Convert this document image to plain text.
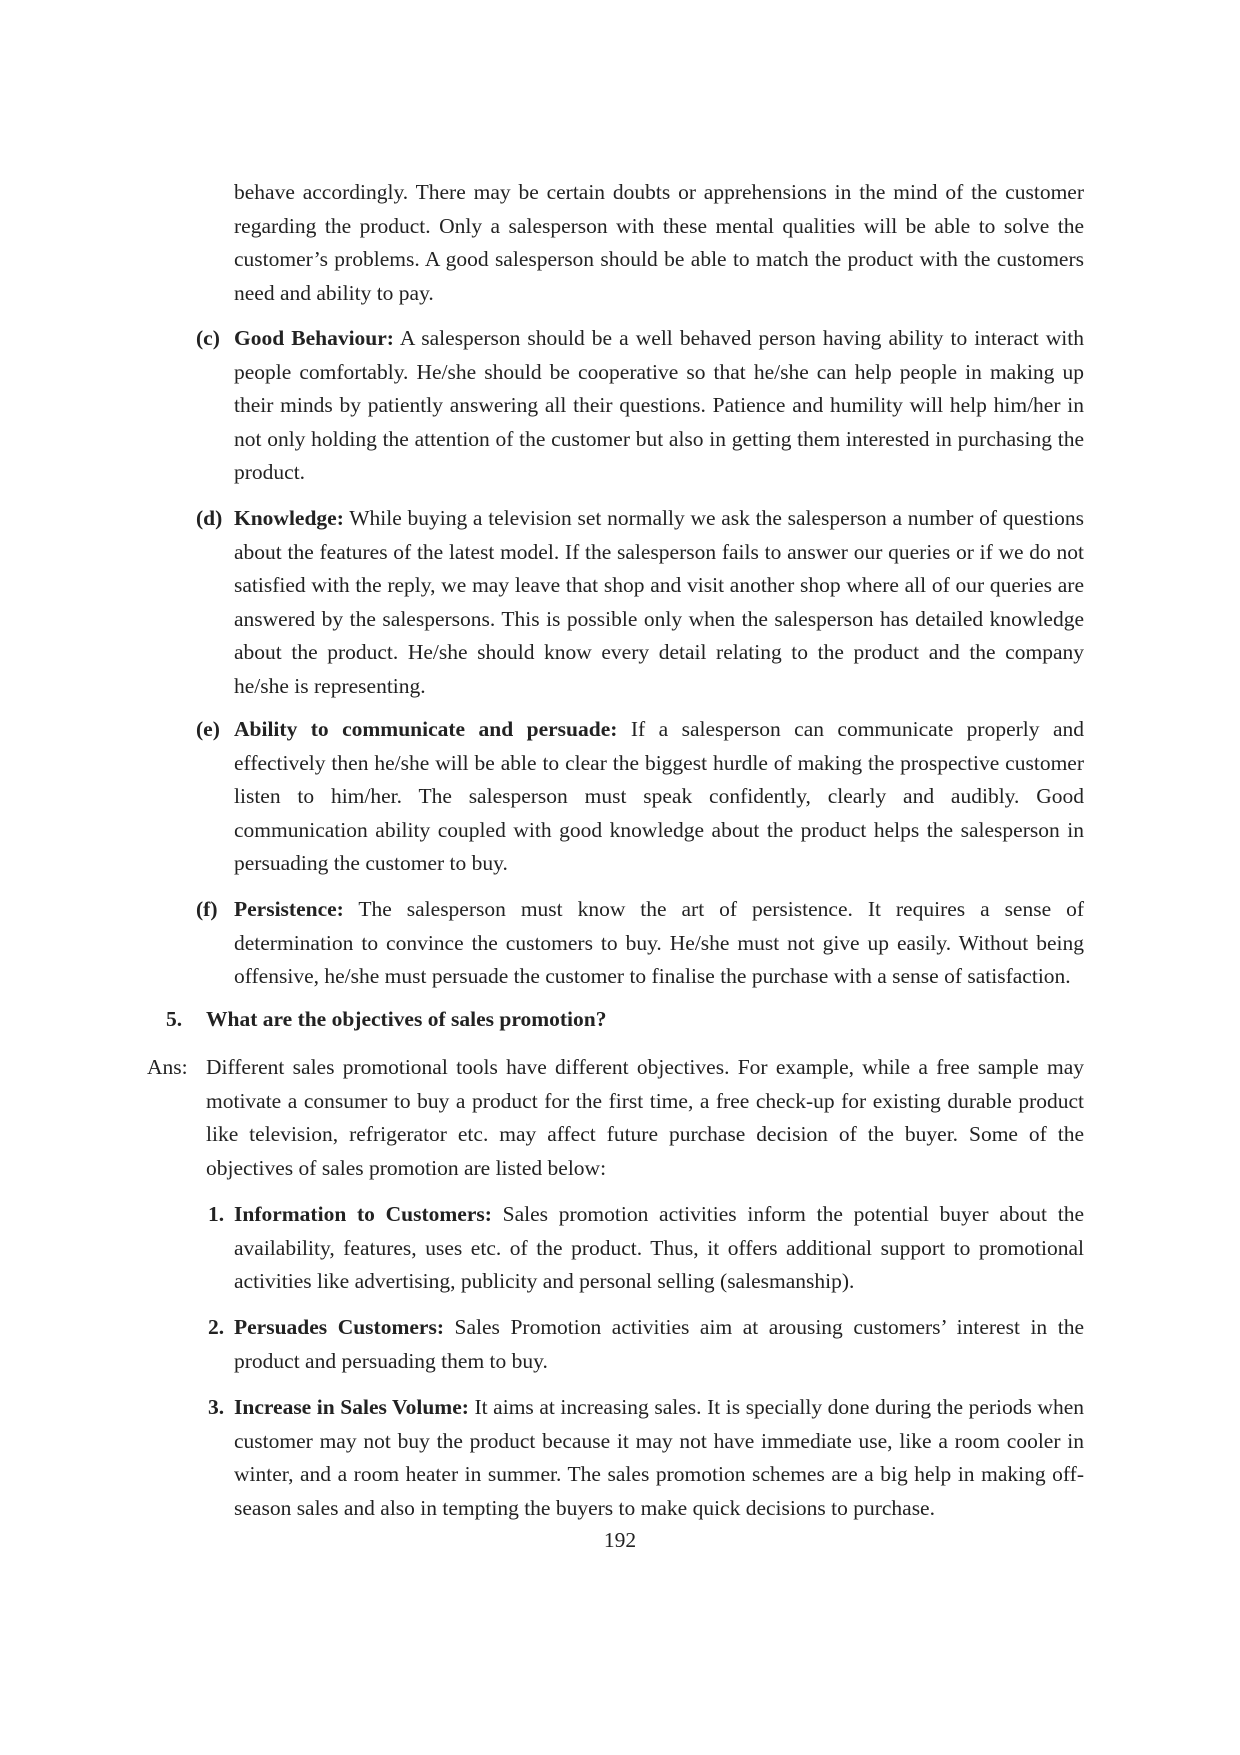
behave accordingly. There may be certain doubts or apprehensions in the mind of the customer regarding the product. Only a salesperson with these mental qualities will be able to solve the customer’s problems. A good salesperson should be able to match the product with the customers need and ability to pay.

(c) Good Behaviour: A salesperson should be a well behaved person having ability to interact with people comfortably. He/she should be cooperative so that he/she can help people in making up their minds by patiently answering all their questions. Patience and humility will help him/her in not only holding the attention of the customer but also in getting them interested in purchasing the product.
(d) Knowledge: While buying a television set normally we ask the salesperson a number of questions about the features of the latest model. If the salesperson fails to answer our queries or if we do not satisfied with the reply, we may leave that shop and visit another shop where all of our queries are answered by the salespersons. This is possible only when the salesperson has detailed knowledge about the product. He/she should know every detail relating to the product and the company he/she is representing.
(e) Ability to communicate and persuade: If a salesperson can communicate properly and effectively then he/she will be able to clear the biggest hurdle of making the prospective customer listen to him/her. The salesperson must speak confidently, clearly and audibly. Good communication ability coupled with good knowledge about the product helps the salesperson in persuading the customer to buy.
(f) Persistence: The salesperson must know the art of persistence. It requires a sense of determination to convince the customers to buy. He/she must not give up easily. Without being offensive, he/she must persuade the customer to finalise the purchase with a sense of satisfaction.
5. What are the objectives of sales promotion?
Ans: Different sales promotional tools have different objectives. For example, while a free sample may motivate a consumer to buy a product for the first time, a free check-up for existing durable product like television, refrigerator etc. may affect future purchase decision of the buyer. Some of the objectives of sales promotion are listed below:

1. Information to Customers: Sales promotion activities inform the potential buyer about the availability, features, uses etc. of the product. Thus, it offers additional support to promotional activities like advertising, publicity and personal selling (salesmanship).
2. Persuades Customers: Sales Promotion activities aim at arousing customers’ interest in the product and persuading them to buy.
3. Increase in Sales Volume: It aims at increasing sales. It is specially done during the periods when customer may not buy the product because it may not have immediate use, like a room cooler in winter, and a room heater in summer. The sales promotion schemes are a big help in making off-season sales and also in tempting the buyers to make quick decisions to purchase.
192
